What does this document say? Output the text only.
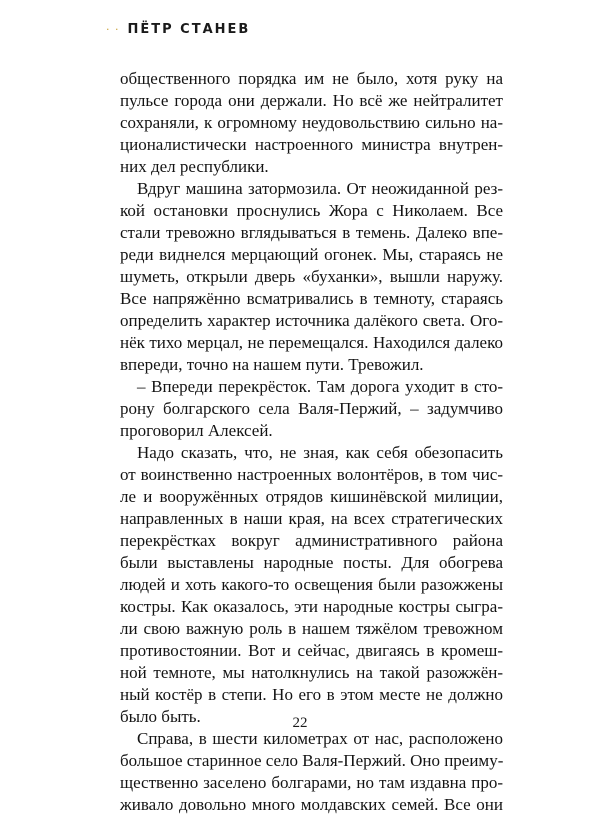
· · ПЁТР СТАНЕВ
общественного порядка им не было, хотя руку на
пульсе города они держали. Но всё же нейтралитет
сохраняли, к огромному неудовольствию сильно на-
ционалистически настроенного министра внутрен-
них дел республики.
Вдруг машина затормозила. От неожиданной рез-
кой остановки проснулись Жора с Николаем. Все
стали тревожно вглядываться в темень. Далеко впе-
реди виднелся мерцающий огонек. Мы, стараясь не
шуметь, открыли дверь «буханки», вышли наружу.
Все напряжённо всматривались в темноту, стараясь
определить характер источника далёкого света. Ого-
нёк тихо мерцал, не перемещался. Находился далеко
впереди, точно на нашем пути. Тревожил.
– Впереди перекрёсток. Там дорога уходит в сто-
рону болгарского села Валя-Пержий, – задумчиво
проговорил Алексей.
Надо сказать, что, не зная, как себя обезопасить
от воинственно настроенных волонтёров, в том чис-
ле и вооружённых отрядов кишинёвской милиции,
направленных в наши края, на всех стратегических
перекрёстках вокруг административного района
были выставлены народные посты. Для обогрева
людей и хоть какого-то освещения были разожжены
костры. Как оказалось, эти народные костры сыгра-
ли свою важную роль в нашем тяжёлом тревожном
противостоянии. Вот и сейчас, двигаясь в кромеш-
ной темноте, мы натолкнулись на такой разожжён-
ный костёр в степи. Но его в этом месте не должно
было быть.
Справа, в шести километрах от нас, расположено
большое старинное село Валя-Пержий. Оно преиму-
щественно заселено болгарами, но там издавна про-
живало довольно много молдавских семей. Все они
22
